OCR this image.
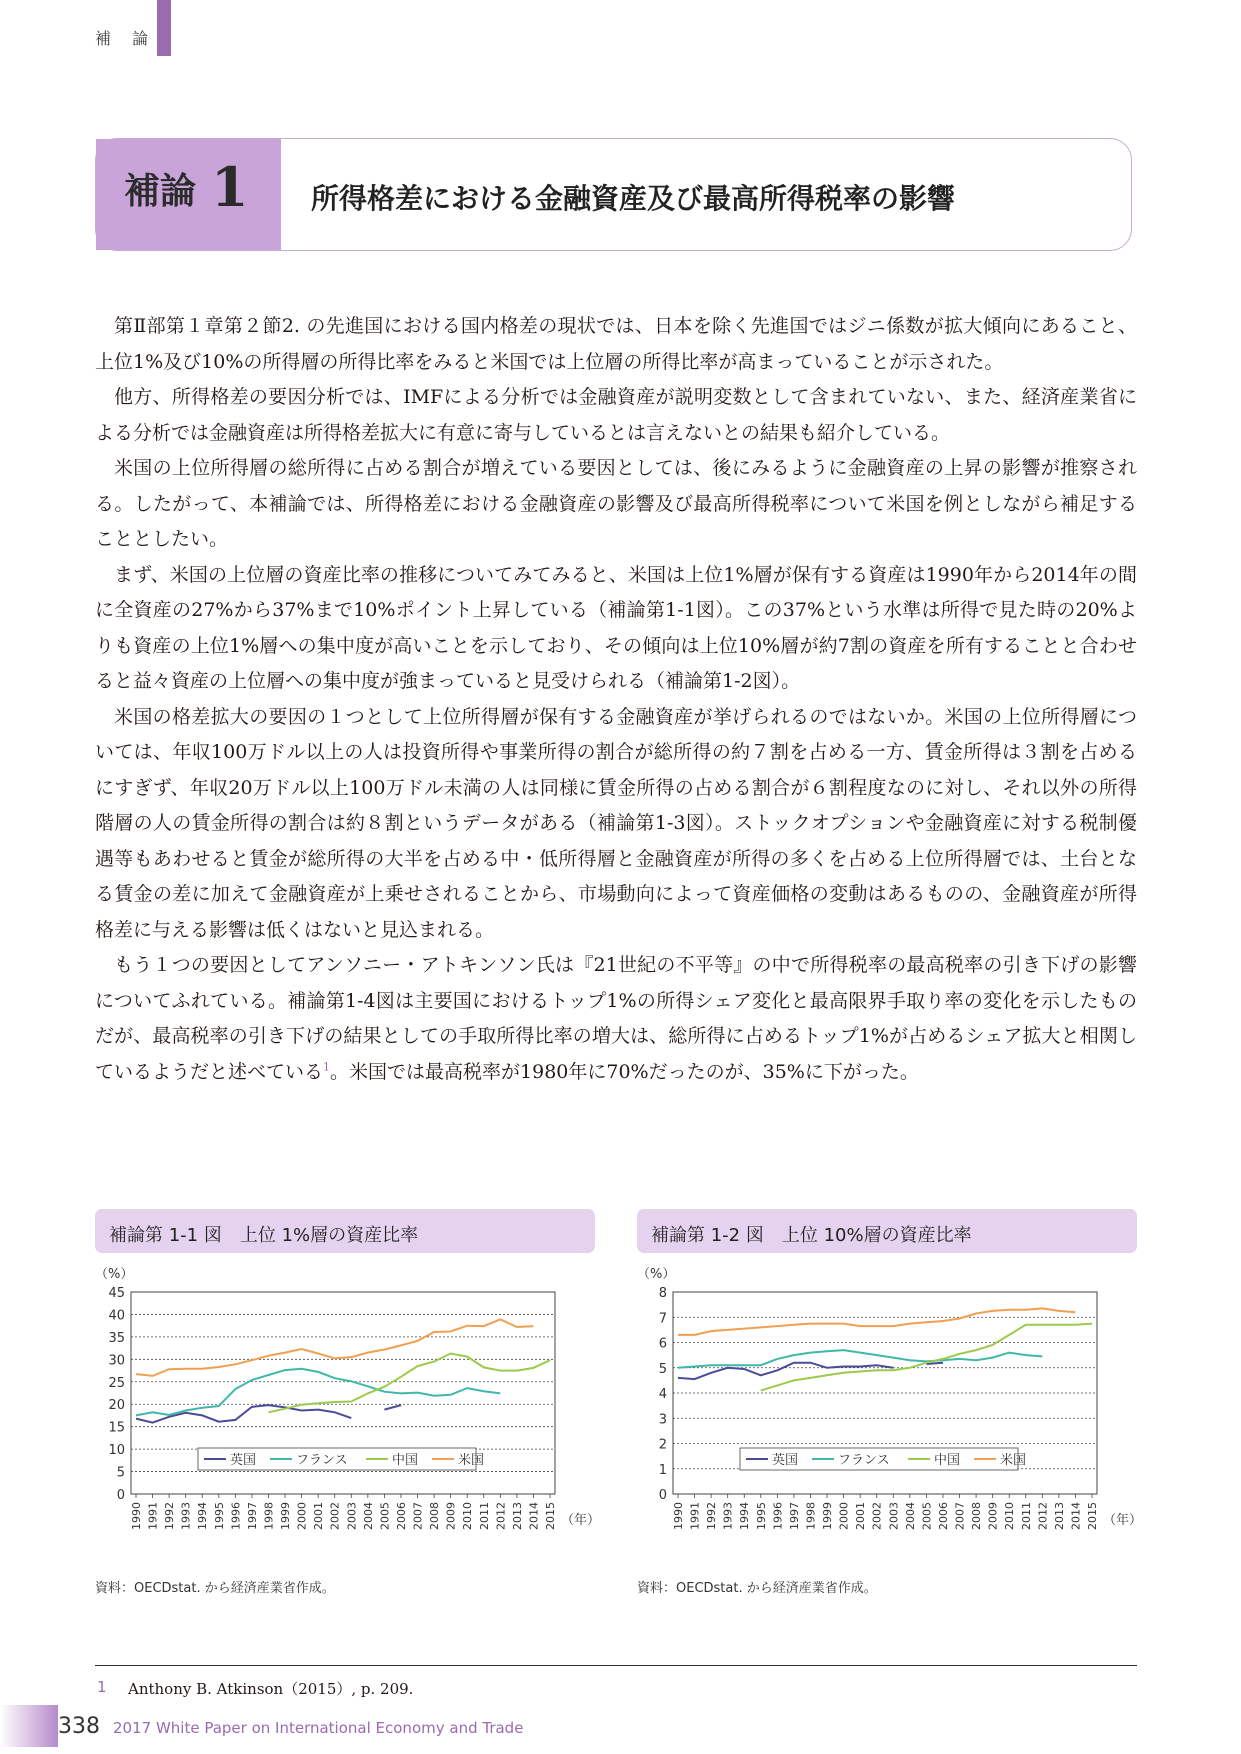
補 論
補論 1 所得格差における金融資産及び最高所得税率の影響

第Ⅱ部第１章第２節2. の先進国における国内格差の現状では、日本を除く先進国ではジニ係数が拡大傾向にあること、上位1%及び10%の所得層の所得比率をみると米国では上位層の所得比率が高まっていることが示された。

他方、所得格差の要因分析では、IMFによる分析では金融資産が説明変数として含まれていない、また、経済産業省による分析では金融資産は所得格差拡大に有意に寄与しているとは言えないとの結果も紹介している。

米国の上位所得層の総所得に占める割合が増えている要因としては、後にみるように金融資産の上昇の影響が推察される。したがって、本補論では、所得格差における金融資産の影響及び最高所得税率について米国を例としながら補足することとしたい。

まず、米国の上位層の資産比率の推移についてみてみると、米国は上位1%層が保有する資産は1990年から2014年の間に全資産の27%から37%まで10%ポイント上昇している（補論第1-1図）。この37%という水準は所得で見た時の20%よりも資産の上位1%層への集中度が高いことを示しており、その傾向は上位10%層が約7割の資産を所有することと合わせると益々資産の上位層への集中度が強まっていると見受けられる（補論第1-2図）。

米国の格差拡大の要因の１つとして上位所得層が保有する金融資産が挙げられるのではないか。米国の上位所得層については、年収100万ドル以上の人は投資所得や事業所得の割合が総所得の約７割を占める一方、賃金所得は３割を占めるにすぎず、年収20万ドル以上100万ドル未満の人は同様に賃金所得の占める割合が６割程度なのに対し、それ以外の所得階層の人の賃金所得の割合は約８割というデータがある（補論第1-3図）。ストックオプションや金融資産に対する税制優遇等もあわせると賃金が総所得の大半を占める中・低所得層と金融資産が所得の多くを占める上位所得層では、土台となる賃金の差に加えて金融資産が上乗せされることから、市場動向によって資産価格の変動はあるものの、金融資産が所得格差に与える影響は低くはないと見込まれる。

もう１つの要因としてアンソニー・アトキンソン氏は『21世紀の不平等』の中で所得税率の最高税率の引き下げの影響についてふれている。補論第1-4図は主要国におけるトップ1%の所得シェア変化と最高限界手取り率の変化を示したものだが、最高税率の引き下げの結果としての手取所得比率の増大は、総所得に占めるトップ1%が占めるシェア拡大と相関しているようだと述べている$^1$。米国では最高税率が1980年に70%だったのが、35%に下がった。

補論第 1-1 図　上位 1%層の資産比率
（%）
0
5
10
15
20
25
30
35
40
45
1990 1991 1992 1993 1994 1995 1996 1997 1998 1999 2000 2001 2002 2003 2004 2005 2006 2007 2008 2009 2010 2011 2012 2013 2014 2015 （年）
英国	フランス	中国	米国
資料：OECDstat. から経済産業省作成。
補論第 1-2 図　上位 10%層の資産比率
（%）
0
1
2
3
4
5
6
7
8
1990 1991 1992 1993 1994 1995 1996 1997 1998 1999 2000 2001 2002 2003 2004 2005 2006 2007 2008 2009 2010 2011 2012 2013 2014 2015 （年）
英国	フランス	中国	米国
資料：OECDstat. から経済産業省作成。
1 Anthony B. Atkinson（2015）, p. 209.
338 2017 White Paper on International Economy and Trade
